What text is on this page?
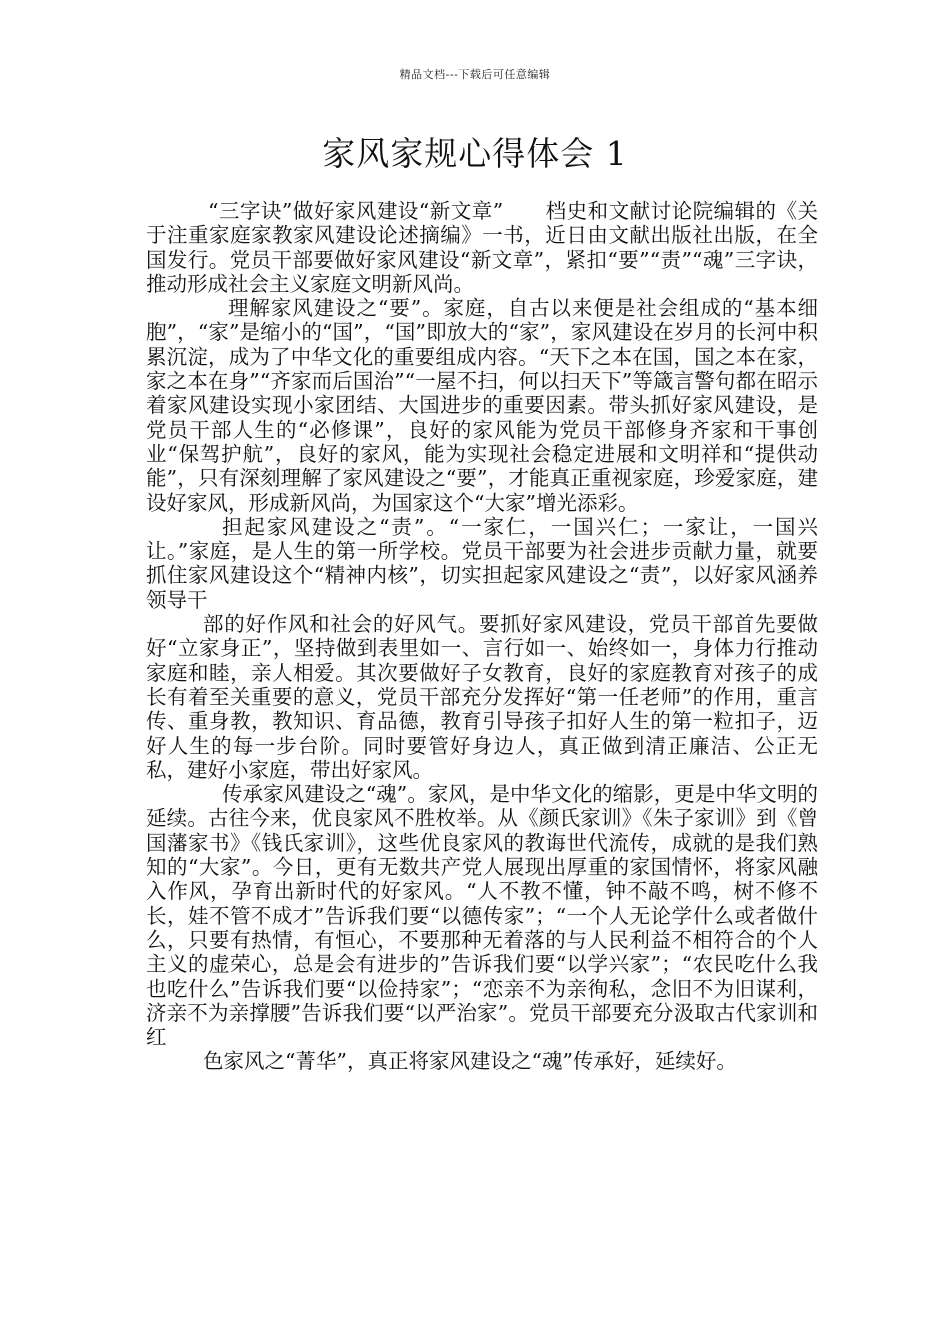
精品文档---下载后可任意编辑
家风家规心得体会 1

“三字诀”做好家风建设“新文章”　　档史和文献讨论院编辑的《关于注重家庭家教家风建设论述摘编》一书，近日由文献出版社出版，在全国发行。党员干部要做好家风建设“新文章”，紧扣“要”“责”“魂”三字诀，推动形成社会主义家庭文明新风尚。

理解家风建设之“要”。家庭，自古以来便是社会组成的“基本细胞”，“家”是缩小的“国”，“国”即放大的“家”，家风建设在岁月的长河中积累沉淀，成为了中华文化的重要组成内容。“天下之本在国，国之本在家，家之本在身”“齐家而后国治”“一屋不扫，何以扫天下”等箴言警句都在昭示着家风建设实现小家团结、大国进步的重要因素。带头抓好家风建设，是党员干部人生的“必修课”，良好的家风能为党员干部修身齐家和干事创业“保驾护航”，良好的家风，能为实现社会稳定进展和文明祥和“提供动能”，只有深刻理解了家风建设之“要”，才能真正重视家庭，珍爱家庭，建设好家风，形成新风尚，为国家这个“大家”增光添彩。

担起家风建设之“责”。“一家仁，一国兴仁；一家让，一国兴让。”家庭，是人生的第一所学校。党员干部要为社会进步贡献力量，就要抓住家风建设这个“精神内核”，切实担起家风建设之“责”，以好家风涵养领导干

部的好作风和社会的好风气。要抓好家风建设，党员干部首先要做好“立家身正”，坚持做到表里如一、言行如一、始终如一，身体力行推动家庭和睦，亲人相爱。其次要做好子女教育，良好的家庭教育对孩子的成长有着至关重要的意义，党员干部充分发挥好“第一任老师”的作用，重言传、重身教，教知识、育品德，教育引导孩子扣好人生的第一粒扣子，迈好人生的每一步台阶。同时要管好身边人，真正做到清正廉洁、公正无私，建好小家庭，带出好家风。

传承家风建设之“魂”。家风，是中华文化的缩影，更是中华文明的延续。古往今来，优良家风不胜枚举。从《颜氏家训》《朱子家训》到《曾国藩家书》《钱氏家训》，这些优良家风的教诲世代流传，成就的是我们熟知的“大家”。今日，更有无数共产党人展现出厚重的家国情怀，将家风融入作风，孕育出新时代的好家风。“人不教不懂，钟不敲不鸣，树不修不长，娃不管不成才”告诉我们要“以德传家”；“一个人无论学什么或者做什么，只要有热情，有恒心，不要那种无着落的与人民利益不相符合的个人主义的虚荣心，总是会有进步的”告诉我们要“以学兴家”；“农民吃什么我也吃什么”告诉我们要“以俭持家”；“恋亲不为亲徇私，念旧不为旧谋利，济亲不为亲撑腰”告诉我们要“以严治家”。党员干部要充分汲取古代家训和红

色家风之“菁华”，真正将家风建设之“魂”传承好，延续好。
